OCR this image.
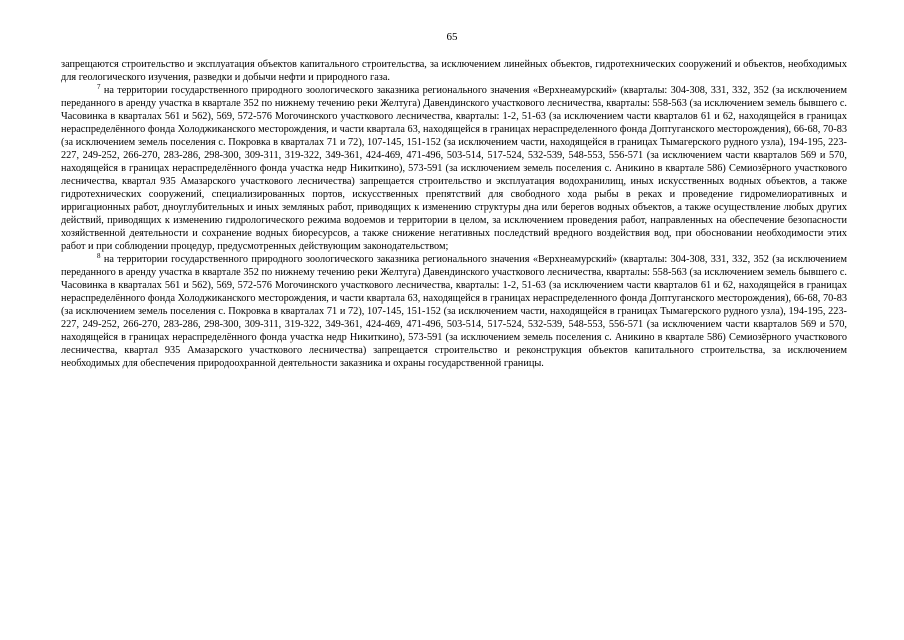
65

запрещаются строительство и эксплуатация объектов капитального строительства, за исключением линейных объектов, гидротехнических сооружений и объектов, необходимых для геологического изучения, разведки и добычи нефти и природного газа.

$^7$ на территории государственного природного зоологического заказника регионального значения «Верхнеамурский» (кварталы: 304-308, 331, 332, 352 (за исключением переданного в аренду участка в квартале 352 по нижнему течению реки Желтуга) Давендинского участкового лесничества, кварталы: 558-563 (за исключением земель бывшего с. Часовинка в кварталах 561 и 562), 569, 572-576 Могочинского участкового лесничества, кварталы: 1-2, 51-63 (за исключением части кварталов 61 и 62, находящейся в границах нераспределённого фонда Холоджиканского месторождения, и части квартала 63, находящейся в границах нераспределенного фонда Доптуганского месторождения), 66-68, 70-83 (за исключением земель поселения с. Покровка в кварталах 71 и 72), 107-145, 151-152 (за исключением части, находящейся в границах Тымагерского рудного узла), 194-195, 223-227, 249-252, 266-270, 283-286, 298-300, 309-311, 319-322, 349-361, 424-469, 471-496, 503-514, 517-524, 532-539, 548-553, 556-571 (за исключением части кварталов 569 и 570, находящейся в границах нераспределённого фонда участка недр Никиткино), 573-591 (за исключением земель поселения с. Аникино в квартале 586) Семиозёрного участкового лесничества, квартал 935 Амазарского участкового лесничества) запрещается строительство и эксплуатация водохранилищ, иных искусственных водных объектов, а также гидротехнических сооружений, специализированных портов, искусственных препятствий для свободного хода рыбы в реках и проведение гидромелиоративных и ирригационных работ, дноуглубительных и иных земляных работ, приводящих к изменению структуры дна или берегов водных объектов, а также осуществление любых других действий, приводящих к изменению гидрологического режима водоемов и территории в целом, за исключением проведения работ, направленных на обеспечение безопасности хозяйственной деятельности и сохранение водных биоресурсов, а также снижение негативных последствий вредного воздействия вод, при обосновании необходимости этих работ и при соблюдении процедур, предусмотренных действующим законодательством;

$^8$ на территории государственного природного зоологического заказника регионального значения «Верхнеамурский» (кварталы: 304-308, 331, 332, 352 (за исключением переданного в аренду участка в квартале 352 по нижнему течению реки Желтуга) Давендинского участкового лесничества, кварталы: 558-563 (за исключением земель бывшего с. Часовинка в кварталах 561 и 562), 569, 572-576 Могочинского участкового лесничества, кварталы: 1-2, 51-63 (за исключением части кварталов 61 и 62, находящейся в границах нераспределённого фонда Холоджиканского месторождения, и части квартала 63, находящейся в границах нераспределенного фонда Доптуганского месторождения), 66-68, 70-83 (за исключением земель поселения с. Покровка в кварталах 71 и 72), 107-145, 151-152 (за исключением части, находящейся в границах Тымагерского рудного узла), 194-195, 223-227, 249-252, 266-270, 283-286, 298-300, 309-311, 319-322, 349-361, 424-469, 471-496, 503-514, 517-524, 532-539, 548-553, 556-571 (за исключением части кварталов 569 и 570, находящейся в границах нераспределённого фонда участка недр Никиткино), 573-591 (за исключением земель поселения с. Аникино в квартале 586) Семиозёрного участкового лесничества, квартал 935 Амазарского участкового лесничества) запрещается строительство и реконструкция объектов капитального строительства, за исключением необходимых для обеспечения природоохранной деятельности заказника и охраны государственной границы.
